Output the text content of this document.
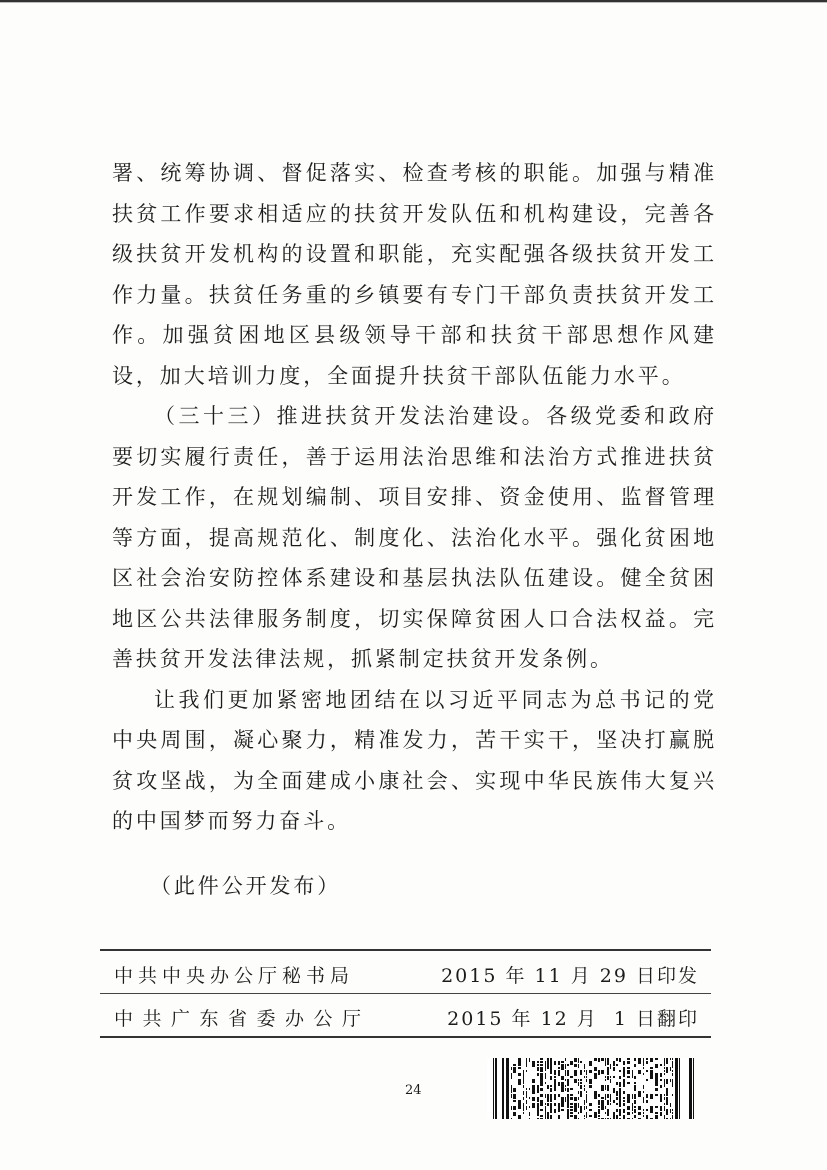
署、统筹协调、督促落实、检查考核的职能。加强与精准扶贫工作要求相适应的扶贫开发队伍和机构建设，完善各级扶贫开发机构的设置和职能，充实配强各级扶贫开发工作力量。扶贫任务重的乡镇要有专门干部负责扶贫开发工作。加强贫困地区县级领导干部和扶贫干部思想作风建设，加大培训力度，全面提升扶贫干部队伍能力水平。

（三十三）推进扶贫开发法治建设。各级党委和政府要切实履行责任，善于运用法治思维和法治方式推进扶贫开发工作，在规划编制、项目安排、资金使用、监督管理等方面，提高规范化、制度化、法治化水平。强化贫困地区社会治安防控体系建设和基层执法队伍建设。健全贫困地区公共法律服务制度，切实保障贫困人口合法权益。完善扶贫开发法律法规，抓紧制定扶贫开发条例。

让我们更加紧密地团结在以习近平同志为总书记的党中央周围，凝心聚力，精准发力，苦干实干，坚决打赢脱贫攻坚战，为全面建成小康社会、实现中华民族伟大复兴的中国梦而努力奋斗。

（此件公开发布）
中共中央办公厅秘书局	2015 年 11 月 29 日印发
中共广东省委办公厅	2015 年 12 月  1 日翻印
24
